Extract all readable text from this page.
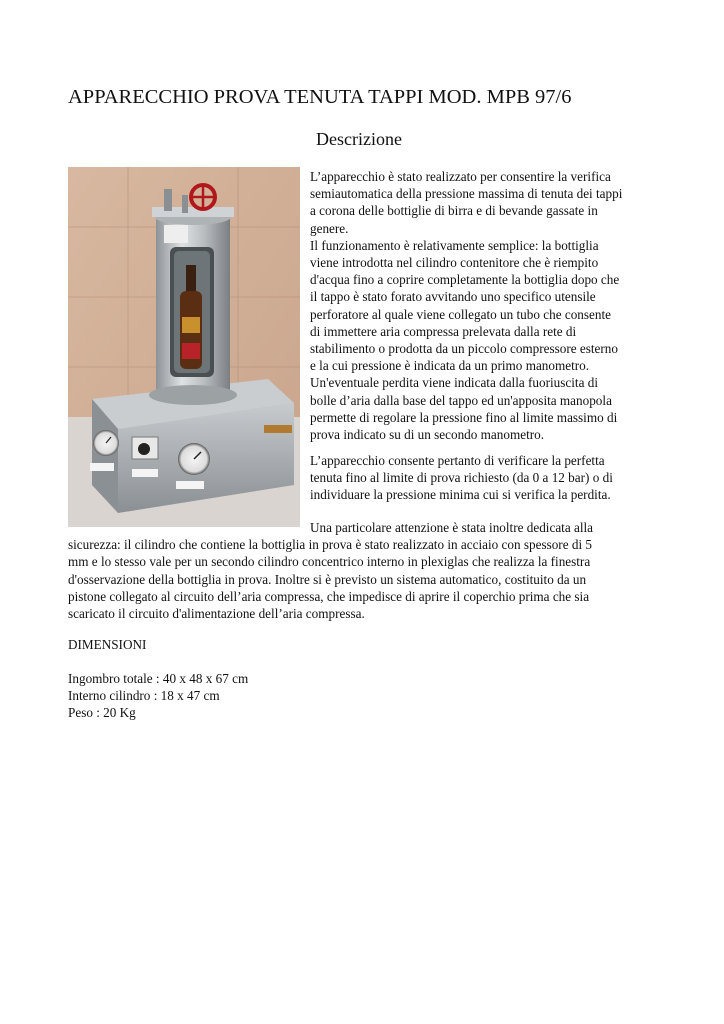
APPARECCHIO PROVA TENUTA TAPPI MOD. MPB 97/6
Descrizione
L’apparecchio è stato realizzato per consentire la verifica
semiautomatica della pressione massima di tenuta dei tappi
a corona delle bottiglie di birra e di bevande gassate in
genere.
Il funzionamento è relativamente semplice: la bottiglia
viene introdotta nel cilindro contenitore che è riempito
d'acqua fino a coprire completamente la bottiglia dopo che
il tappo è stato forato avvitando uno specifico utensile
perforatore al quale viene collegato un tubo che consente
di immettere aria compressa prelevata dalla rete di
stabilimento o prodotta da un piccolo compressore esterno
e la cui pressione è indicata da un primo manometro.
Un'eventuale perdita viene indicata dalla fuoriuscita di
bolle d’aria dalla base del tappo ed un'apposita manopola
permette di regolare la pressione fino al limite massimo di
prova indicato su di un secondo manometro.
L’apparecchio consente pertanto di verificare la perfetta
tenuta fino al limite di prova richiesto (da 0 a 12 bar) o di
individuare la pressione minima cui si verifica la perdita.
Una particolare attenzione è stata inoltre dedicata alla
sicurezza: il cilindro che contiene la bottiglia in prova è stato realizzato in acciaio con spessore di 5
mm e lo stesso vale per un secondo cilindro concentrico interno in plexiglas che realizza la finestra
d'osservazione della bottiglia in prova. Inoltre si è previsto un sistema automatico, costituito da un
pistone collegato al circuito dell’aria compressa, che impedisce di aprire il coperchio prima che sia
scaricato il circuito d'alimentazione dell’aria compressa.

DIMENSIONI

Ingombro totale : 40 x 48 x 67 cm
Interno cilindro : 18 x 47 cm
Peso : 20 Kg
